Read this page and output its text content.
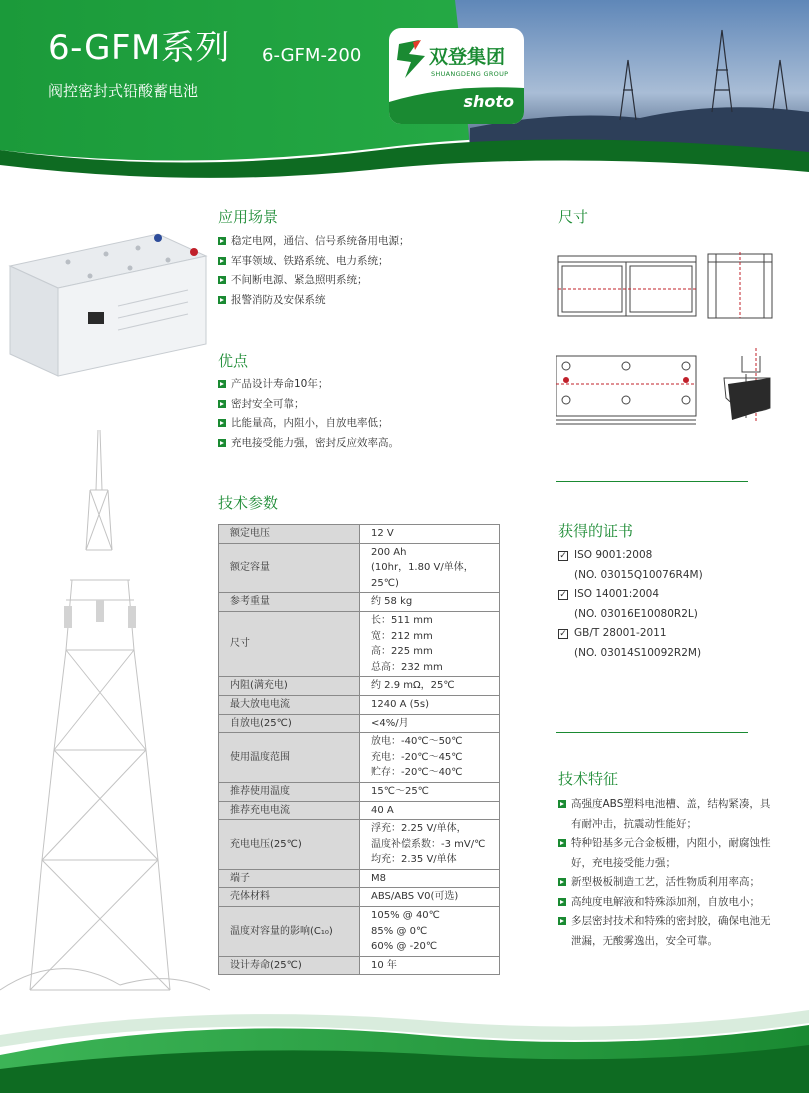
6-GFM系列
阀控密封式铅酸蓄电池
6-GFM-200	双登集团
SHUANGDENG GROUP
shoto
应用场景
稳定电网，通信、信号系统备用电源；
军事领域、铁路系统、电力系统；
不间断电源、紧急照明系统；
报警消防及安保系统
优点
产品设计寿命10年；
密封安全可靠；
比能量高，内阻小，自放电率低；
充电接受能力强，密封反应效率高。
技术参数
额定电压	12 V

额定容量	200 Ah
(10hr，1.80 V/单体，25℃)

参考重量	约 58 kg

尺寸	长：511 mm
宽：212 mm
高：225 mm
总高：232 mm

内阻(满充电)	约 2.9 mΩ，25℃

最大放电电流	1240 A (5s)

自放电(25℃)	<4%/月

使用温度范围	放电：-40℃～50℃
充电：-20℃～45℃
贮存：-20℃～40℃

推荐使用温度	15℃～25℃

推荐充电电流	40 A

充电电压(25℃)	浮充：2.25 V/单体，
温度补偿系数：-3 mV/℃
均充：2.35 V/单体

端子	M8

壳体材料	ABS/ABS V0(可选)

温度对容量的影响(C₁₀)	105% @ 40℃
85% @ 0℃
60% @ -20℃

设计寿命(25℃)	10 年
尺寸
获得的证书
✓ ISO 9001:2008
(NO. 03015Q10076R4M)
✓ ISO 14001:2004
(NO. 03016E10080R2L)
✓ GB/T 28001-2011
(NO. 03014S10092R2M)
技术特征
高强度ABS塑料电池槽、盖，结构紧凑，具有耐冲击，抗震动性能好；
特种铅基多元合金板栅，内阻小，耐腐蚀性好，充电接受能力强；
新型极板制造工艺，活性物质利用率高；
高纯度电解液和特殊添加剂，自放电小；
多层密封技术和特殊的密封胶，确保电池无泄漏，无酸雾逸出，安全可靠。
